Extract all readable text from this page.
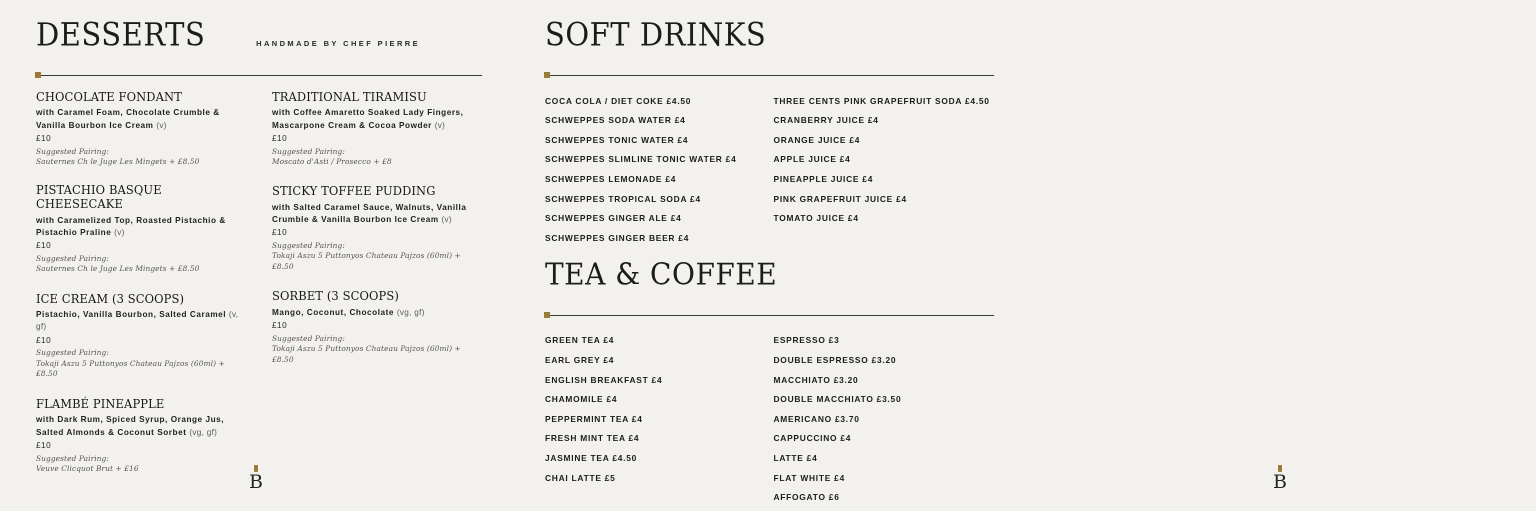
DESSERTS	HANDMADE BY CHEF PIERRE
CHOCOLATE FONDANT
with Caramel Foam, Chocolate Crumble & Vanilla Bourbon Ice Cream (v)
£10
Suggested Pairing:
Sauternes Ch le Juge Les Mingets + £8.50
PISTACHIO BASQUE CHEESECAKE
with Caramelized Top, Roasted Pistachio & Pistachio Praline (v)
£10
Suggested Pairing:
Sauternes Ch le Juge Les Mingets + £8.50
ICE CREAM (3 SCOOPS)
Pistachio, Vanilla Bourbon, Salted Caramel (v, gf)
£10
Suggested Pairing:
Tokaji Aszu 5 Puttonyos Chateau Pajzos (60ml) + £8.50
FLAMBÉ PINEAPPLE
with Dark Rum, Spiced Syrup, Orange Jus, Salted Almonds & Coconut Sorbet (vg, gf)
£10
Suggested Pairing:
Veuve Clicquot Brut + £16
TRADITIONAL TIRAMISU
with Coffee Amaretto Soaked Lady Fingers, Mascarpone Cream & Cocoa Powder (v)
£10
Suggested Pairing:
Moscato d'Asti / Prosecco + £8
STICKY TOFFEE PUDDING
with Salted Caramel Sauce, Walnuts, Vanilla Crumble & Vanilla Bourbon Ice Cream (v)
£10
Suggested Pairing:
Tokaji Aszu 5 Puttonyos Chateau Pajzos (60ml) + £8.50
SORBET (3 SCOOPS)
Mango, Coconut, Chocolate (vg, gf)
£10
Suggested Pairing:
Tokaji Aszu 5 Puttonyos Chateau Pajzos (60ml) + £8.50
B
SOFT DRINKS
COCA COLA / DIET COKE £4.50
SCHWEPPES SODA WATER £4
SCHWEPPES TONIC WATER £4
SCHWEPPES SLIMLINE TONIC WATER £4
SCHWEPPES LEMONADE £4
SCHWEPPES TROPICAL SODA £4
SCHWEPPES GINGER ALE £4
SCHWEPPES GINGER BEER £4
THREE CENTS PINK GRAPEFRUIT SODA £4.50
CRANBERRY JUICE £4
ORANGE JUICE £4
APPLE JUICE £4
PINEAPPLE JUICE £4
PINK GRAPEFRUIT JUICE £4
TOMATO JUICE £4
TEA & COFFEE
GREEN TEA £4
EARL GREY £4
ENGLISH BREAKFAST £4
CHAMOMILE £4
PEPPERMINT TEA £4
FRESH MINT TEA £4
JASMINE TEA £4.50
CHAI LATTE £5
ESPRESSO £3
DOUBLE ESPRESSO £3.20
MACCHIATO £3.20
DOUBLE MACCHIATO £3.50
AMERICANO £3.70
CAPPUCCINO £4
LATTE £4
FLAT WHITE £4
AFFOGATO £6
B
